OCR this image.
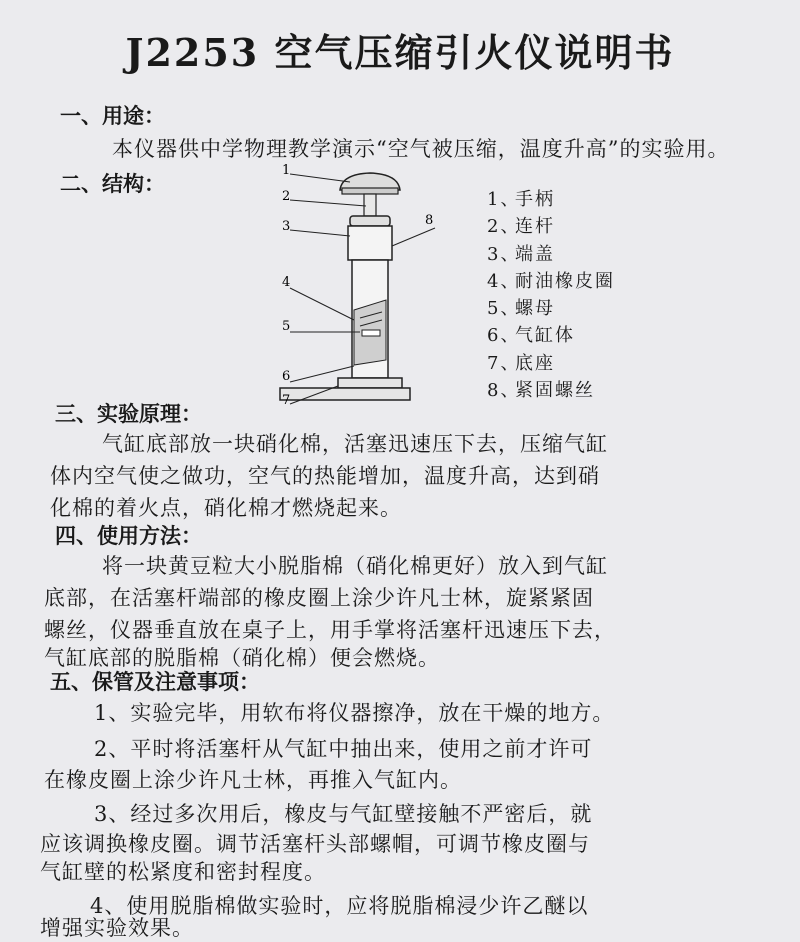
J2253 空气压缩引火仪说明书
一、用途：
本仪器供中学物理教学演示“空气被压缩，温度升高”的实验用。
二、结构：
1
2
3	8
4
5
6
7
1、手柄
2、连杆
3、端盖
4、耐油橡皮圈
5、螺母
6、气缸体
7、底座
8、紧固螺丝
三、实验原理：
气缸底部放一块硝化棉，活塞迅速压下去，压缩气缸
体内空气使之做功，空气的热能增加，温度升高，达到硝
化棉的着火点，硝化棉才燃烧起来。
四、使用方法：
将一块黄豆粒大小脱脂棉（硝化棉更好）放入到气缸
底部，在活塞杆端部的橡皮圈上涂少许凡士林，旋紧紧固
螺丝，仪器垂直放在桌子上，用手掌将活塞杆迅速压下去，
气缸底部的脱脂棉（硝化棉）便会燃烧。
五、保管及注意事项：
1、实验完毕，用软布将仪器擦净，放在干燥的地方。
2、平时将活塞杆从气缸中抽出来，使用之前才许可
在橡皮圈上涂少许凡士林，再推入气缸内。
3、经过多次用后，橡皮与气缸壁接触不严密后，就
应该调换橡皮圈。调节活塞杆头部螺帽，可调节橡皮圈与
气缸壁的松紧度和密封程度。
4、使用脱脂棉做实验时，应将脱脂棉浸少许乙醚以
增强实验效果。
